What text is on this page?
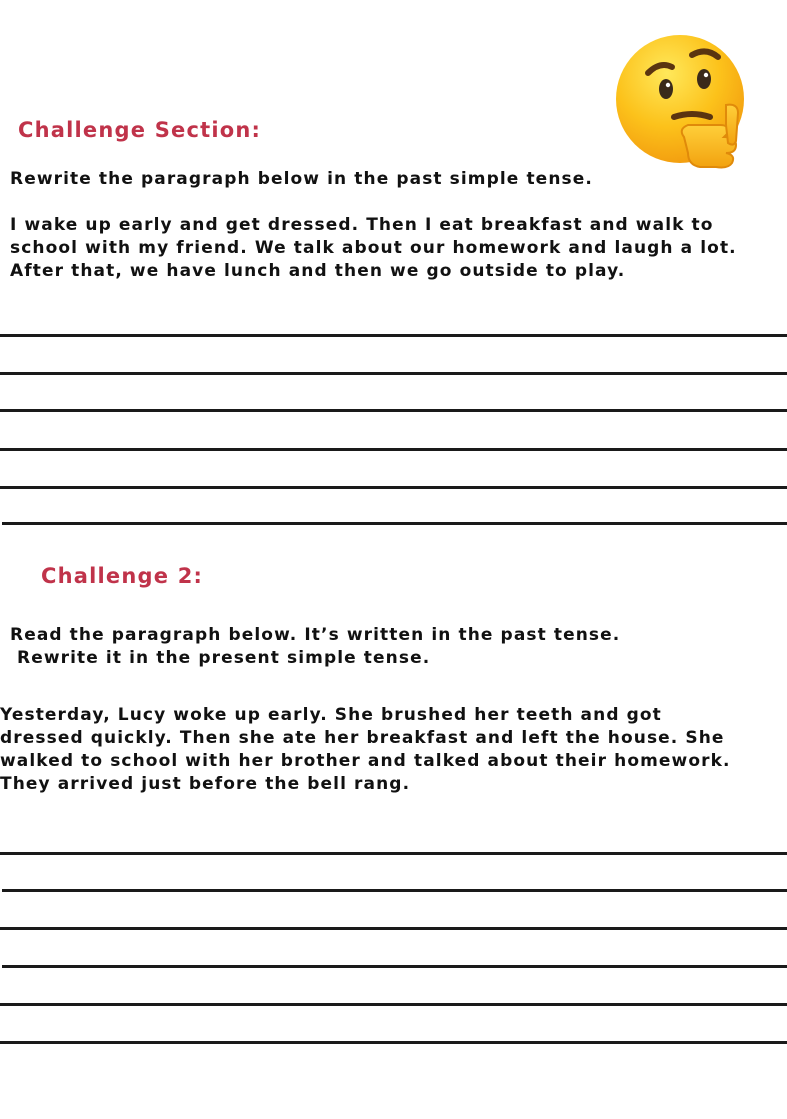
Challenge Section:

Rewrite the paragraph below in the past simple tense.

I wake up early and get dressed. Then I eat breakfast and walk to

school with my friend. We talk about our homework and laugh a lot.

After that, we have lunch and then we go outside to play.

Challenge 2:

Read the paragraph below. It’s written in the past tense.

Rewrite it in the present simple tense.

Yesterday, Lucy woke up early. She brushed her teeth and got

dressed quickly. Then she ate her breakfast and left the house. She

walked to school with her brother and talked about their homework.

They arrived just before the bell rang.
